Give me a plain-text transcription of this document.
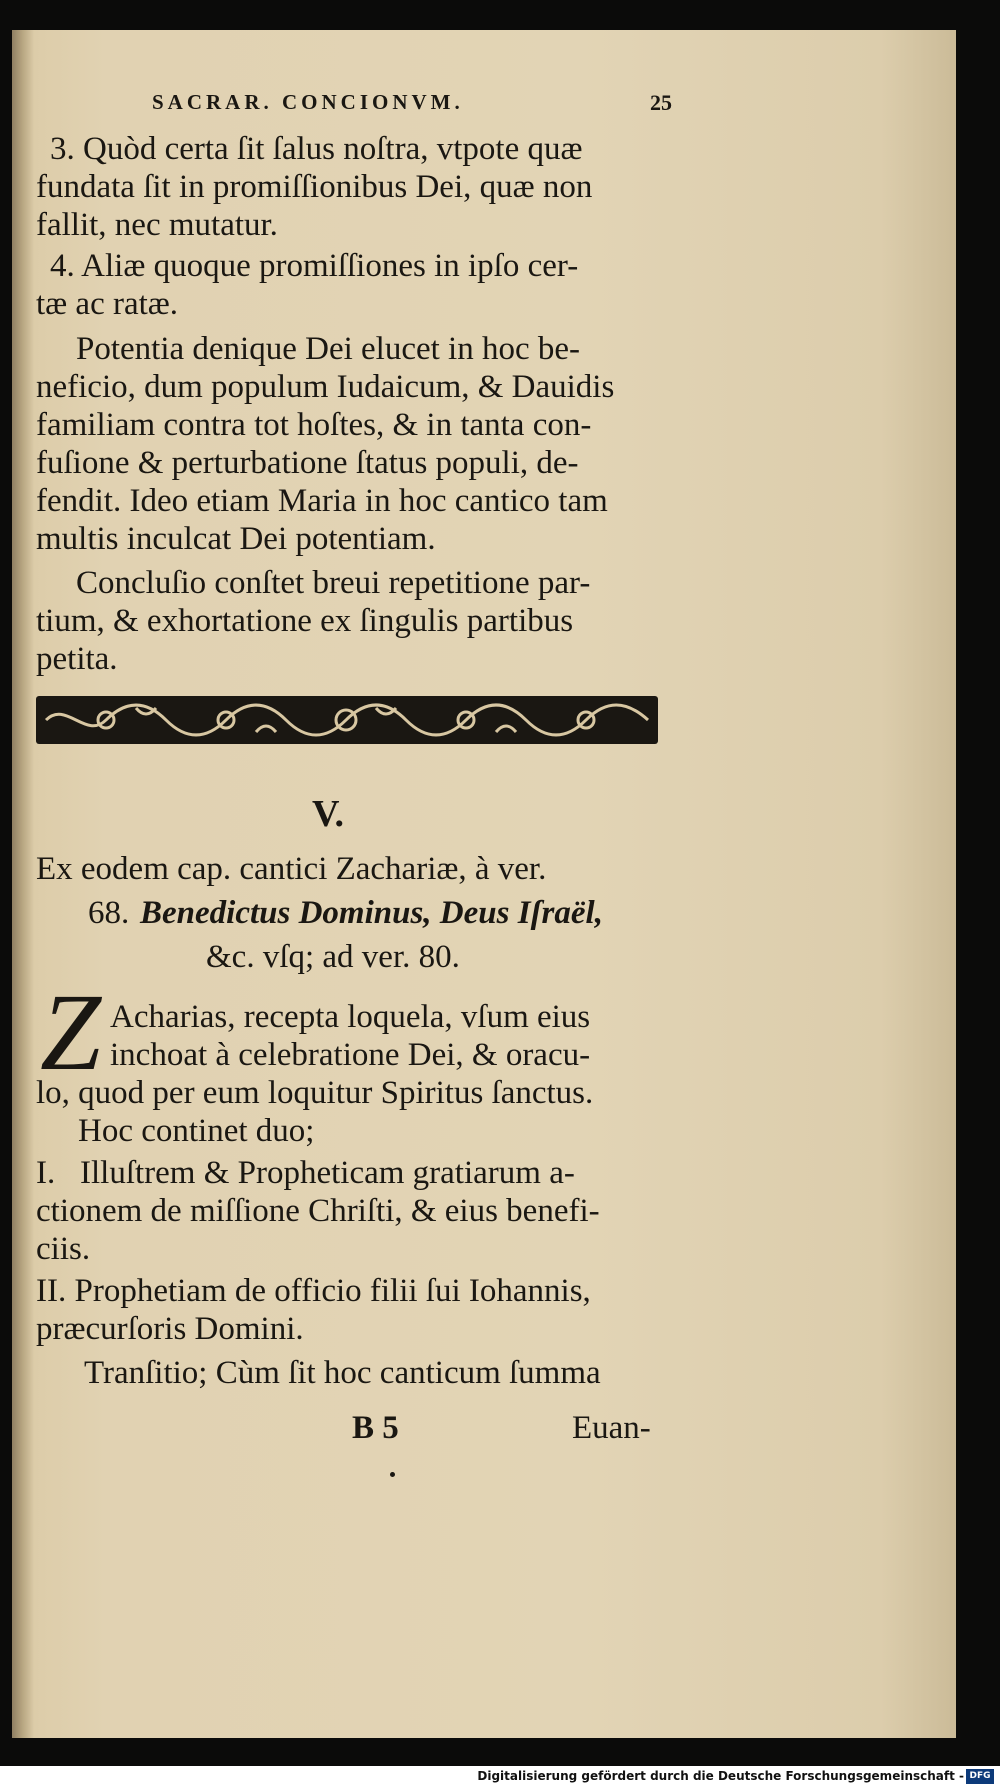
SACRAR. CONCIONVM.	25
3. Quòd certa ſit ſalus noſtra, vtpote quæ
fundata ſit in promiſſionibus Dei, quæ non
fallit, nec mutatur.
4. Aliæ quoque promiſſiones in ipſo cer-
tæ ac ratæ.
Potentia denique Dei elucet in hoc be-
neficio, dum populum Iudaicum, & Dauidis
familiam contra tot hoſtes, & in tanta con-
fuſione & perturbatione ſtatus populi, de-
fendit. Ideo etiam Maria in hoc cantico tam
multis inculcat Dei potentiam.
Concluſio conſtet breui repetitione par-
tium, & exhortatione ex ſingulis partibus
petita.
V.
Ex eodem cap. cantici Zachariæ, à ver.
68. Benedictus Dominus, Deus Iſraël,
&c. vſq; ad ver. 80.
Z Acharias, recepta loquela, vſum eius
inchoat à celebratione Dei, & oracu-
lo, quod per eum loquitur Spiritus ſanctus.
Hoc continet duo;
I.   Illuſtrem & Propheticam gratiarum a-
ctionem de miſſione Chriſti, & eius benefi-
ciis.
II. Prophetiam de officio filii ſui Iohannis,
præcurſoris Domini.
Tranſitio; Cùm ſit hoc canticum ſumma
B 5	Euan-
Digitalisierung gefördert durch die Deutsche Forschungsgemeinschaft - DFG
